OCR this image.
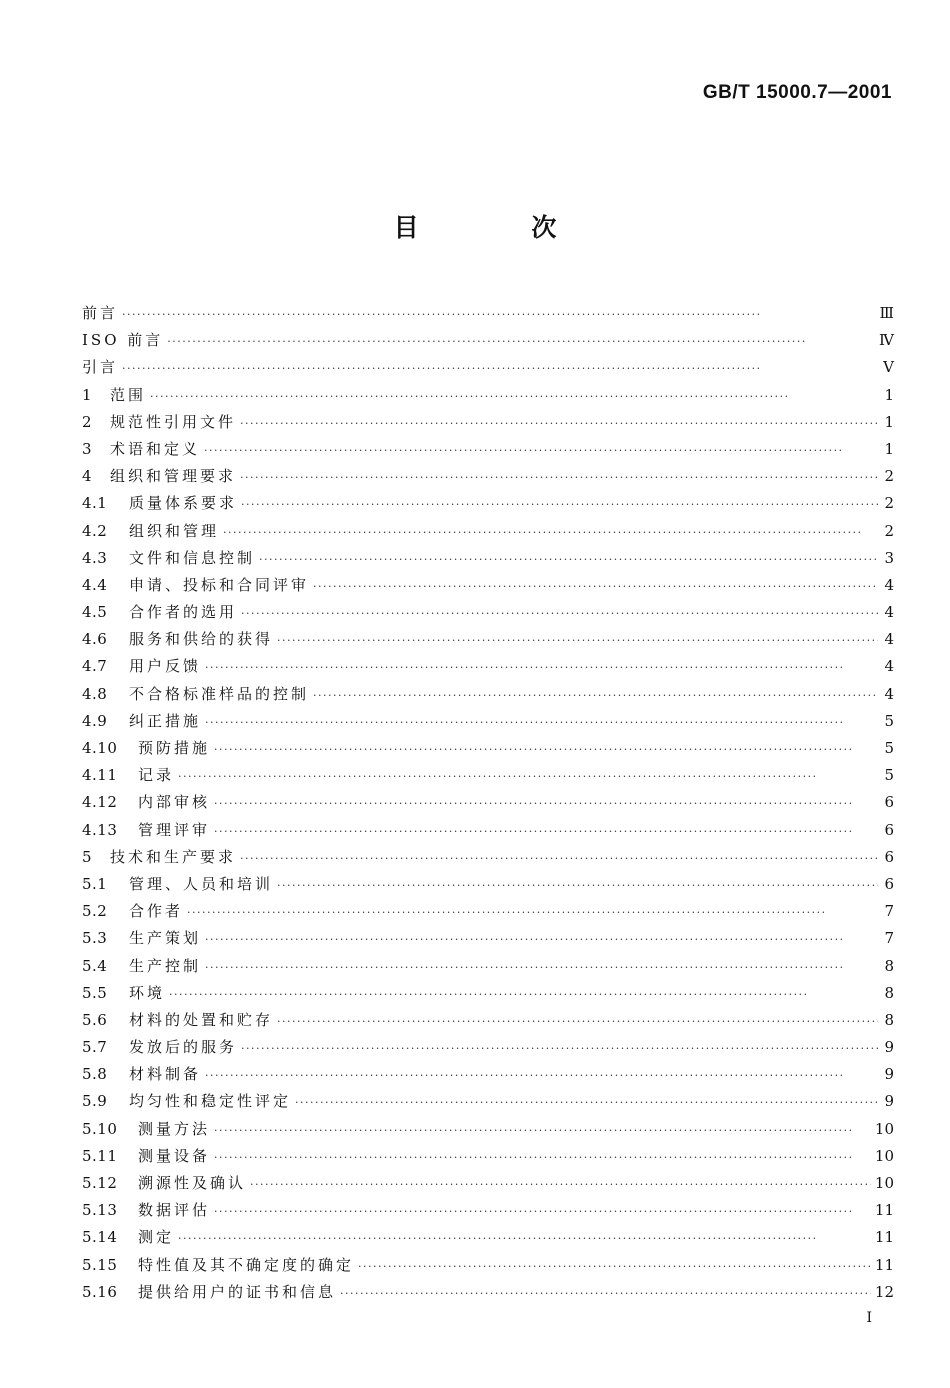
GB/T 15000.7—2001
目 次
前言 ·····	Ⅲ
ISO 前言 ·····	Ⅳ
引言 ·····	Ⅴ
1	范围 ·····	1
2	规范性引用文件 ·····	1
3	术语和定义 ·····	1
4	组织和管理要求 ·····	2
4.1	质量体系要求 ·····	2
4.2	组织和管理 ·····	2
4.3	文件和信息控制 ·····	3
4.4	申请、投标和合同评审 ·····	4
4.5	合作者的选用 ·····	4
4.6	服务和供给的获得 ·····	4
4.7	用户反馈 ·····	4
4.8	不合格标准样品的控制 ·····	4
4.9	纠正措施 ·····	5
4.10	预防措施 ·····	5
4.11	记录 ·····	5
4.12	内部审核 ·····	6
4.13	管理评审 ·····	6
5	技术和生产要求 ·····	6
5.1	管理、人员和培训 ·····	6
5.2	合作者 ·····	7
5.3	生产策划 ·····	7
5.4	生产控制 ·····	8
5.5	环境 ·····	8
5.6	材料的处置和贮存 ·····	8
5.7	发放后的服务 ·····	9
5.8	材料制备 ·····	9
5.9	均匀性和稳定性评定 ·····	9
5.10	测量方法 ·····	10
5.11	测量设备 ·····	10
5.12	溯源性及确认 ·····	10
5.13	数据评估 ·····	11
5.14	测定 ·····	11
5.15	特性值及其不确定度的确定 ·····	11
5.16	提供给用户的证书和信息 ·····	12
I
